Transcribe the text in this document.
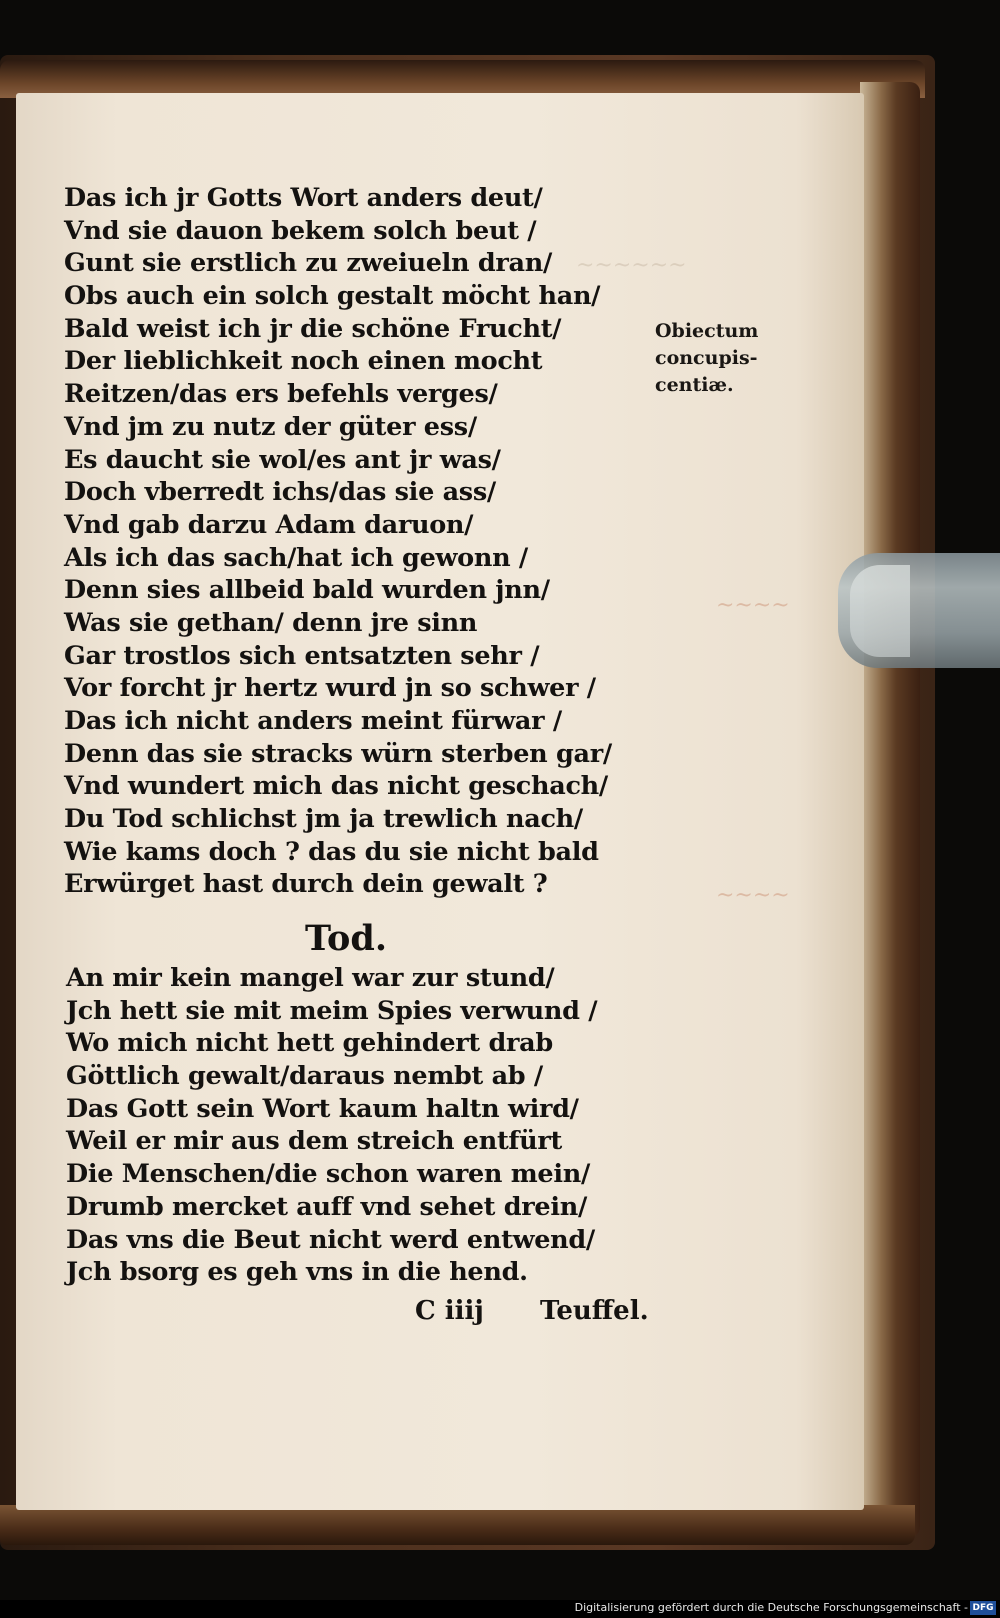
~~~~~~
~~~~
~~~~
Das ich jr Gotts Wort anders deut/
Vnd sie dauon bekem solch beut /
Gunt sie erstlich zu zweiueln dran/
Obs auch ein solch gestalt möcht han/
Bald weist ich jr die schöne Frucht/
Der lieblichkeit noch einen mocht
Reitzen/das ers befehls verges/
Vnd jm zu nutz der güter ess/
Es daucht sie wol/es ant jr was/
Doch vberredt ichs/das sie ass/
Vnd gab darzu Adam daruon/
Als ich das sach/hat ich gewonn /
Denn sies allbeid bald wurden jnn/
Was sie gethan/ denn jre sinn
Gar trostlos sich entsatzten sehr /
Vor forcht jr hertz wurd jn so schwer /
Das ich nicht anders meint fürwar /
Denn das sie stracks würn sterben gar/
Vnd wundert mich das nicht geschach/
Du Tod schlichst jm ja trewlich nach/
Wie kams doch ? das du sie nicht bald
Erwürget hast durch dein gewalt ?
Tod.
An mir kein mangel war zur stund/
Jch hett sie mit meim Spies verwund /
Wo mich nicht hett gehindert drab
Göttlich gewalt/daraus nembt ab /
Das Gott sein Wort kaum haltn wird/
Weil er mir aus dem streich entfürt
Die Menschen/die schon waren mein/
Drumb mercket auff vnd sehet drein/
Das vns die Beut nicht werd entwend/
Jch bsorg es geh vns in die hend.
C iiij Teuffel.
Obiectum
concupis-
centiæ.
Digitalisierung gefördert durch die Deutsche Forschungsgemeinschaft - DFG
